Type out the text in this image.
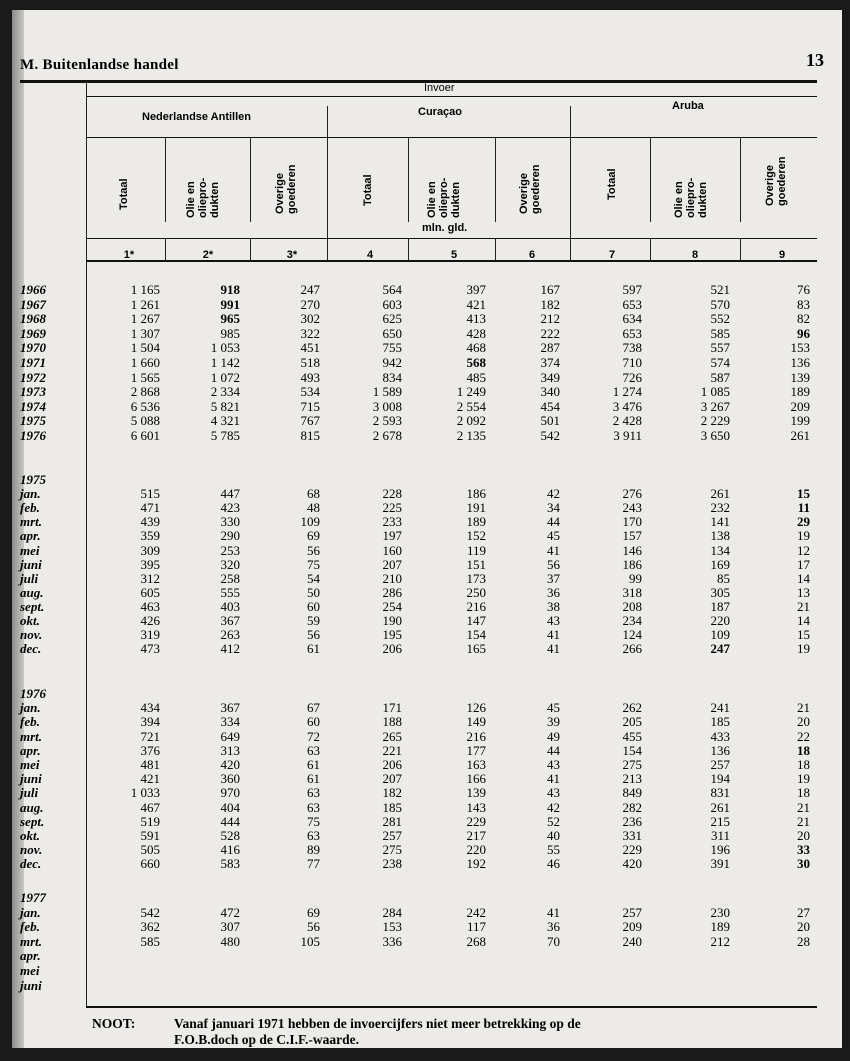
M. Buitenlandse handel	13
Invoer
Nederlandse Antillen	Curaçao	Aruba
mln. gld.
Totaal	Olie en oliepro- dukten	Overige goederen	Totaal	Olie en oliepro- dukten	Overige goederen	Totaal	Olie en oliepro- dukten	Overige goederen
1*	2*	3*	4	5	6	7	8	9
1966	1 165	918	247	564	397	167	597	521	76
1967	1 261	991	270	603	421	182	653	570	83
1968	1 267	965	302	625	413	212	634	552	82
1969	1 307	985	322	650	428	222	653	585	96
1970	1 504	1 053	451	755	468	287	738	557	153
1971	1 660	1 142	518	942	568	374	710	574	136
1972	1 565	1 072	493	834	485	349	726	587	139
1973	2 868	2 334	534	1 589	1 249	340	1 274	1 085	189
1974	6 536	5 821	715	3 008	2 554	454	3 476	3 267	209
1975	5 088	4 321	767	2 593	2 092	501	2 428	2 229	199
1976	6 601	5 785	815	2 678	2 135	542	3 911	3 650	261
1975
jan.	515	447	68	228	186	42	276	261	15
feb.	471	423	48	225	191	34	243	232	11
mrt.	439	330	109	233	189	44	170	141	29
apr.	359	290	69	197	152	45	157	138	19
mei	309	253	56	160	119	41	146	134	12
juni	395	320	75	207	151	56	186	169	17
juli	312	258	54	210	173	37	99	85	14
aug.	605	555	50	286	250	36	318	305	13
sept.	463	403	60	254	216	38	208	187	21
okt.	426	367	59	190	147	43	234	220	14
nov.	319	263	56	195	154	41	124	109	15
dec.	473	412	61	206	165	41	266	247	19
1976
jan.	434	367	67	171	126	45	262	241	21
feb.	394	334	60	188	149	39	205	185	20
mrt.	721	649	72	265	216	49	455	433	22
apr.	376	313	63	221	177	44	154	136	18
mei	481	420	61	206	163	43	275	257	18
juni	421	360	61	207	166	41	213	194	19
juli	1 033	970	63	182	139	43	849	831	18
aug.	467	404	63	185	143	42	282	261	21
sept.	519	444	75	281	229	52	236	215	21
okt.	591	528	63	257	217	40	331	311	20
nov.	505	416	89	275	220	55	229	196	33
dec.	660	583	77	238	192	46	420	391	30
1977
jan.	542	472	69	284	242	41	257	230	27
feb.	362	307	56	153	117	36	209	189	20
mrt.	585	480	105	336	268	70	240	212	28
apr.
mei
juni
NOOT:	Vanaf januari 1971 hebben de invoercijfers niet meer betrekking op de
F.O.B.doch op de C.I.F.-waarde.
